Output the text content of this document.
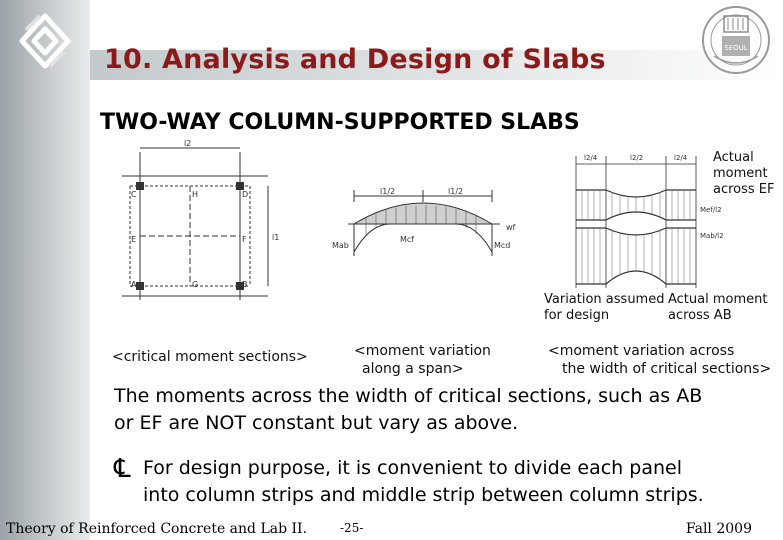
10. Analysis and Design of Slabs	SEOUL
TWO-WAY COLUMN-SUPPORTED SLABS
C	H	D
E	F
A	G	B
l2
l1
l1/2	l1/2
Mab
Mcf
Mcd
wf
l2/4	l2/2	l2/4
Mef/l2
Mab/l2
Actual
moment
across EF
Variation assumed
for design
Actual moment
across AB
<critical moment sections>	<moment variation
along a span>
<moment variation across
the width of critical sections>
The moments across the width of critical sections, such as AB
or EF are NOT constant but vary as above.
℄ For design purpose, it is convenient to divide each panel
into column strips and middle strip between column strips.
Theory of Reinforced Concrete and Lab II.	-25-	Fall 2009
